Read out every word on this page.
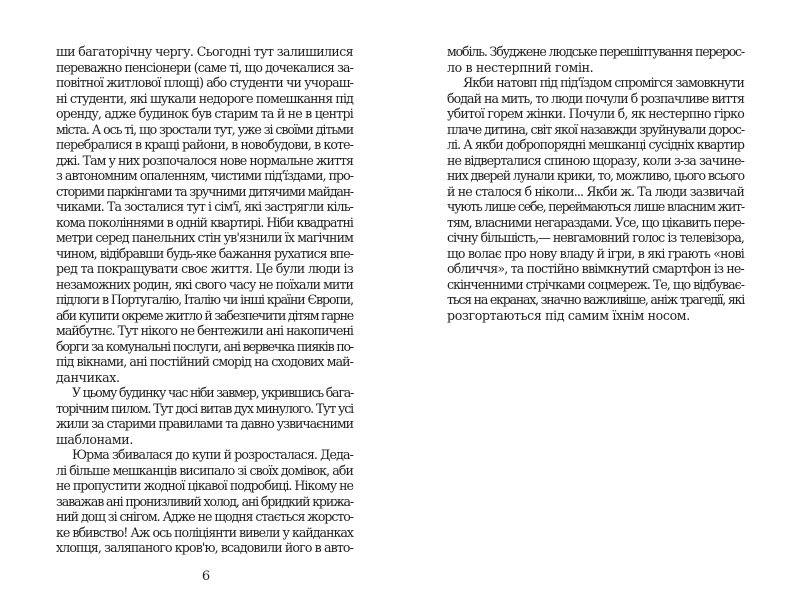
ши багаторічну чергу. Сьогодні тут залишилися
переважно пенсіонери (саме ті, що дочекалися за-
повітної житлової площі) або студенти чи учораш-
ні студенти, які шукали недороге помешкання під
оренду, адже будинок був старим та й не в центрі
міста. А ось ті, що зростали тут, уже зі своїми дітьми
перебралися в кращі райони, в новобудови, в коте-
джі. Там у них розпочалося нове нормальне життя
з автономним опаленням, чистими під'їздами, про-
сторими паркінгами та зручними дитячими майдан-
чиками. Та зосталися тут і сім'ї, які застрягли кіль-
кома поколіннями в одній квартирі. Ніби квадратні
метри серед панельних стін ув'язнили їх магічним
чином, відібравши будь-яке бажання рухатися впе-
ред та покращувати своє життя. Це були люди із
незаможних родин, які свого часу не поїхали мити
підлоги в Португалію, Італію чи інші країни Європи,
аби купити окреме житло й забезпечити дітям гарне
майбутнє. Тут нікого не бентежили ані накопичені
борги за комунальні послуги, ані вервечка пияків по-
під вікнами, ані постійний сморід на сходових май-
данчиках.
У цьому будинку час ніби завмер, укрившись бага-
торічним пилом. Тут досі витав дух минулого. Тут усі
жили за старими правилами та давно узвичаєними
шаблонами.
Юрма збивалася до купи й розросталася. Деда-
лі більше мешканців висипало зі своїх домівок, аби
не пропустити жодної цікавої подробиці. Нікому не
заважав ані пронизливий холод, ані бридкий крижа-
ний дощ зі снігом. Адже не щодня стається жорсто-
ке вбивство! Аж ось поліціянти вивели у кайданках
хлопця, заляпаного кров'ю, всадовили його в авто-
6
мобіль. Збуджене людське перешіптування перерос-
ло в нестерпний гомін.
Якби натовп під під'їздом спромігся замовкнути
бодай на мить, то люди почули б розпачливе виття
убитої горем жінки. Почули б, як нестерпно гірко
плаче дитина, світ якої назавжди зруйнували дорос-
лі. А якби добропорядні мешканці сусідніх квартир
не відверталися спиною щоразу, коли з-за зачине-
них дверей лунали крики, то, можливо, цього всього
й не сталося б ніколи... Якби ж. Та люди зазвичай
чують лише себе, переймаються лише власним жит-
тям, власними негараздами. Усе, що цікавить пере-
січну більшість,— невгамовний голос із телевізора,
що волає про нову владу й ігри, в які грають «нові
обличчя», та постійно ввімкнутий смартфон із не-
скінченними стрічками соцмереж. Те, що відбуває-
ться на екранах, значно важливіше, аніж трагедії, які
розгортаються під самим їхнім носом.
